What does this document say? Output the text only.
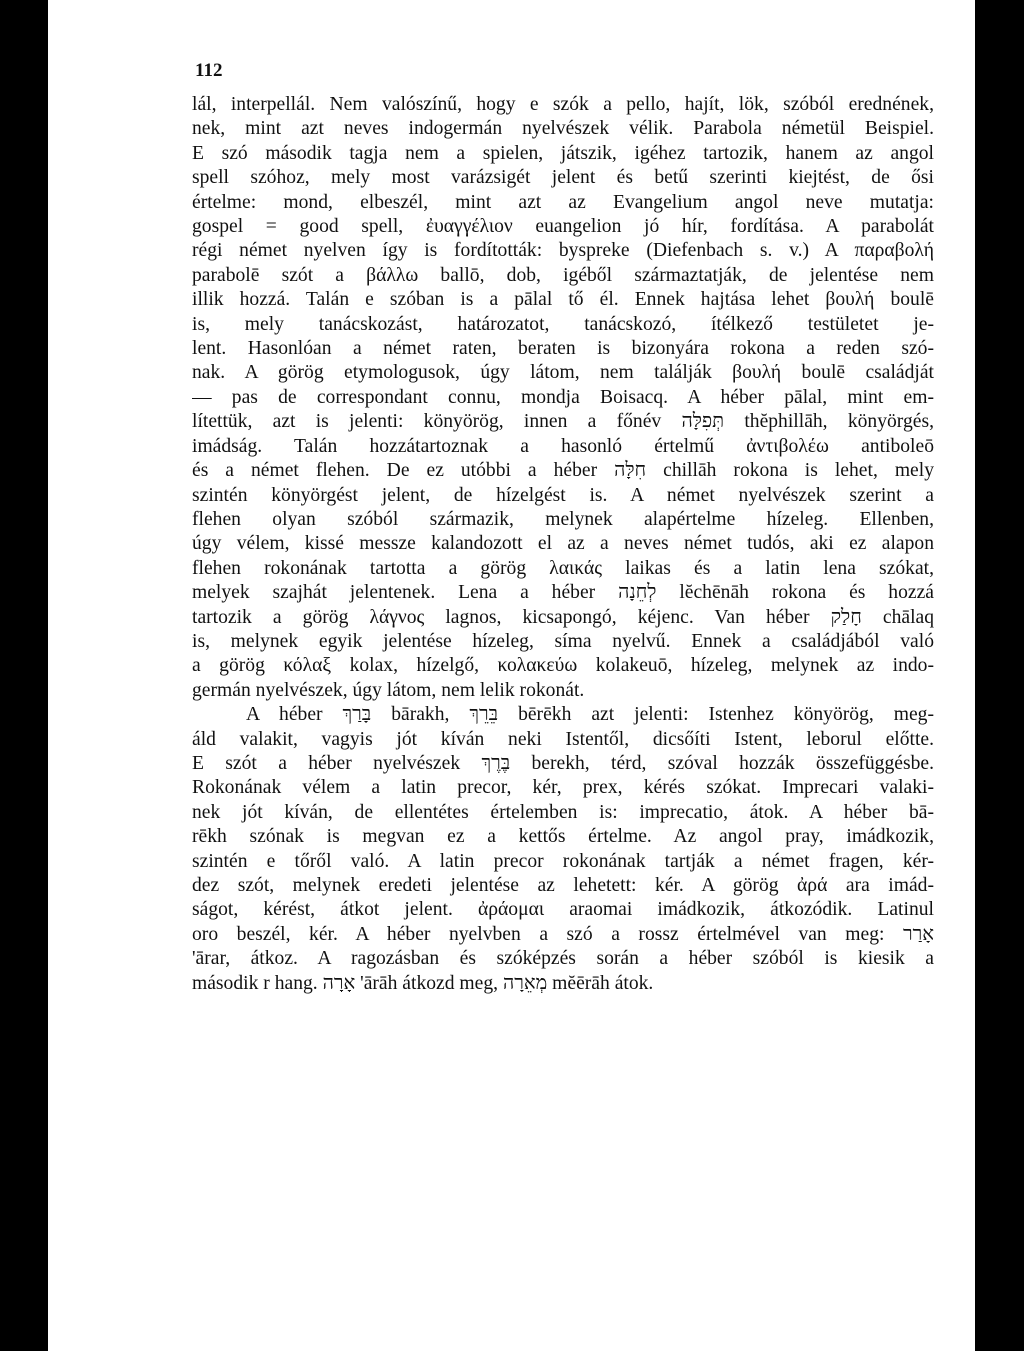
112
lál, interpellál. Nem valószínű, hogy e szók a pello, hajít, lök, szóból erednének,
nek, mint azt neves indogermán nyelvészek vélik. Parabola németül Beispiel.
E szó második tagja nem a spielen, játszik, igéhez tartozik, hanem az angol
spell szóhoz, mely most varázsigét jelent és betű szerinti kiejtést, de ősi
értelme: mond, elbeszél, mint azt az Evangelium angol neve mutatja:
gospel = good spell, ἐυαγγέλιον euangelion jó hír, fordítása. A parabolát
régi német nyelven így is fordították: byspreke (Diefenbach s. v.) A παραβολή
parabolē szót a βάλλω ballō, dob, igéből származtatják, de jelentése nem
illik hozzá. Talán e szóban is a pālal tő él. Ennek hajtása lehet βουλή boulē
is, mely tanácskozást, határozatot, tanácskozó, ítélkező testületet je-
lent. Hasonlóan a német raten, beraten is bizonyára rokona a reden szó-
nak. A görög etymologusok, úgy látom, nem találják βουλή boulē családját
— pas de correspondant connu, mondja Boisacq. A héber pālal, mint em-
lítettük, azt is jelenti: könyörög, innen a főnév תְּפִלָּה thĕphillāh, könyörgés,
imádság. Talán hozzátartoznak a hasonló értelmű ἀντιβολέω antiboleō
és a német flehen. De ez utóbbi a héber חִלָּה chillāh rokona is lehet, mely
szintén könyörgést jelent, de hízelgést is. A német nyelvészek szerint a
flehen olyan szóból származik, melynek alapértelme hízeleg. Ellenben,
úgy vélem, kissé messze kalandozott el az a neves német tudós, aki ez alapon
flehen rokonának tartotta a görög λαικάς laikas és a latin lena szókat,
melyek szajhát jelentenek. Lena a héber לְחֵנָה lĕchēnāh rokona és hozzá
tartozik a görög λάγνος lagnos, kicsapongó, kéjenc. Van héber חָלַק chālaq
is, melynek egyik jelentése hízeleg, síma nyelvű. Ennek a családjából való
a görög κόλαξ kolax, hízelgő, κολακεύω kolakeuō, hízeleg, melynek az indo-
germán nyelvészek, úgy látom, nem lelik rokonát.
A héber בָּרַךְ bārakh, בֵּרֵךְ bērēkh azt jelenti: Istenhez könyörög, meg-
áld valakit, vagyis jót kíván neki Istentől, dicsőíti Istent, leborul előtte.
E szót a héber nyelvészek בֶּרֶךְ berekh, térd, szóval hozzák összefüggésbe.
Rokonának vélem a latin precor, kér, prex, kérés szókat. Imprecari valaki-
nek jót kíván, de ellentétes értelemben is: imprecatio, átok. A héber bā-
rēkh szónak is megvan ez a kettős értelme. Az angol pray, imádkozik,
szintén e tőről való. A latin precor rokonának tartják a német fragen, kér-
dez szót, melynek eredeti jelentése az lehetett: kér. A görög ἀρά ara imád-
ságot, kérést, átkot jelent. ἀράομαι araomai imádkozik, átkozódik. Latinul
oro beszél, kér. A héber nyelvben a szó a rossz értelmével van meg: אָרַר
'ārar, átkoz. A ragozásban és szóképzés során a héber szóból is kiesik a
második r hang. אָרָה 'ārāh átkozd meg, מְאֵרָה mĕērāh átok.
